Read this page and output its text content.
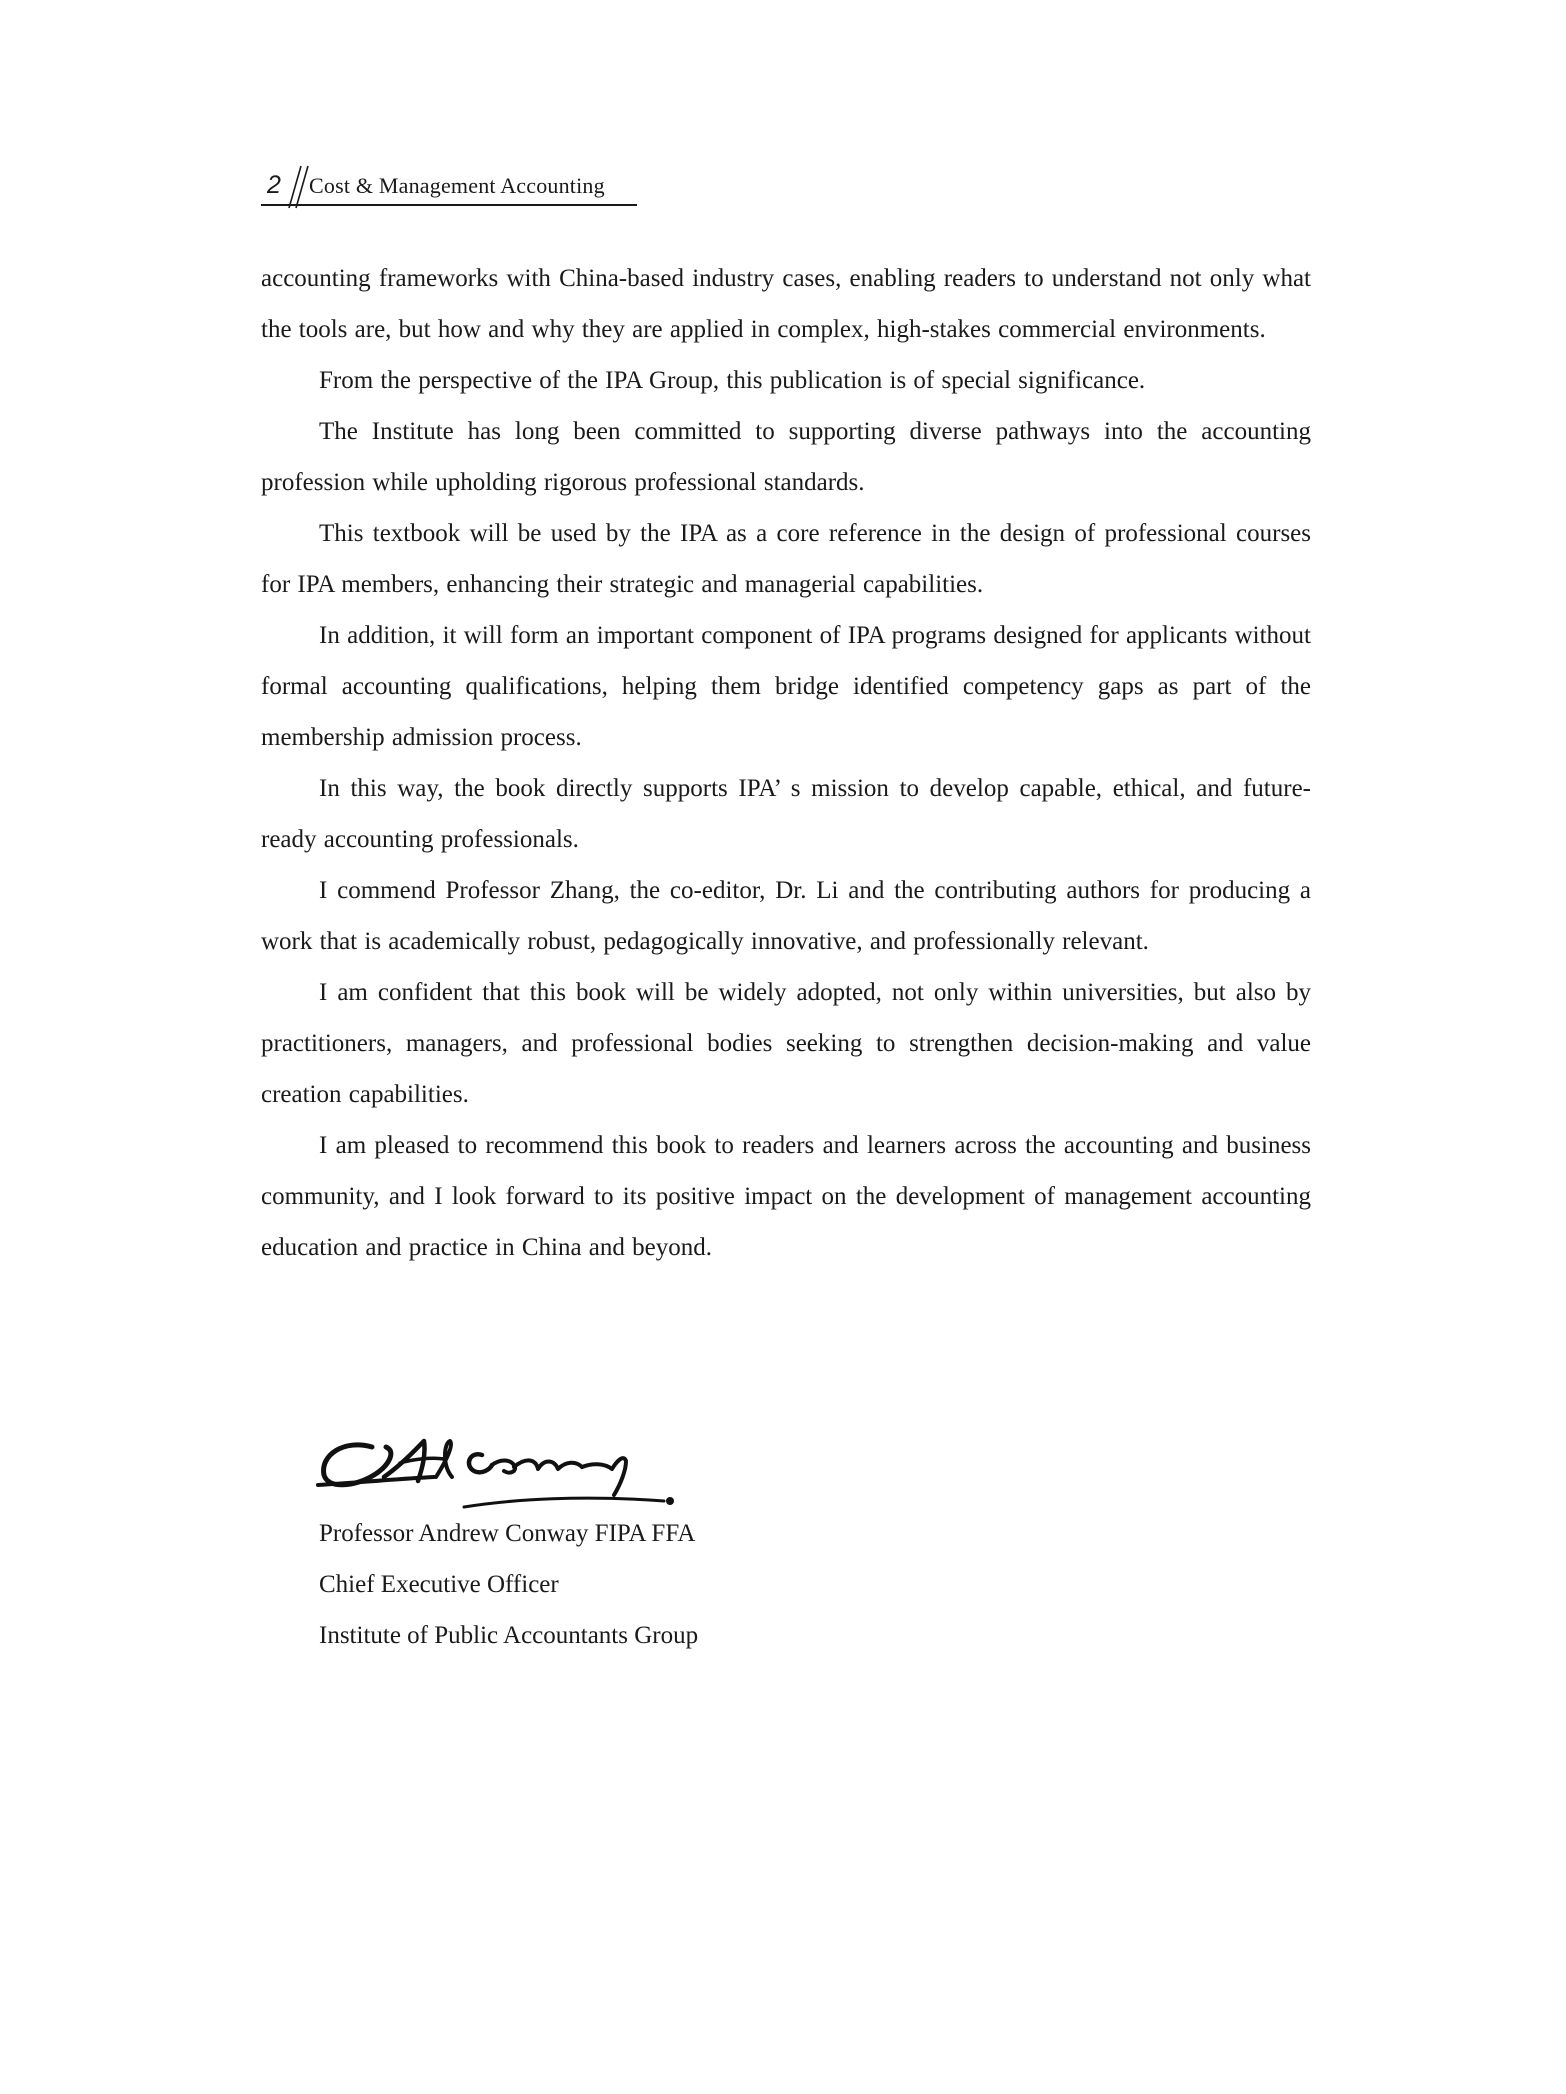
2 Cost & Management Accounting

accounting frameworks with China-based industry cases, enabling readers to understand not only what the tools are, but how and why they are applied in complex, high-stakes commercial environments.

From the perspective of the IPA Group, this publication is of special significance.

The Institute has long been committed to supporting diverse pathways into the accounting profession while upholding rigorous professional standards.

This textbook will be used by the IPA as a core reference in the design of professional courses for IPA members, enhancing their strategic and managerial capabilities.

In addition, it will form an important component of IPA programs designed for applicants without formal accounting qualifications, helping them bridge identified competency gaps as part of the membership admission process.

In this way, the book directly supports IPA’ s mission to develop capable, ethical, and future-ready accounting professionals.

I commend Professor Zhang, the co-editor, Dr. Li and the contributing authors for producing a work that is academically robust, pedagogically innovative, and professionally relevant.

I am confident that this book will be widely adopted, not only within universities, but also by practitioners, managers, and professional bodies seeking to strengthen decision-making and value creation capabilities.

I am pleased to recommend this book to readers and learners across the accounting and business community, and I look forward to its positive impact on the development of management accounting education and practice in China and beyond.

Professor Andrew Conway FIPA FFA

Chief Executive Officer

Institute of Public Accountants Group
